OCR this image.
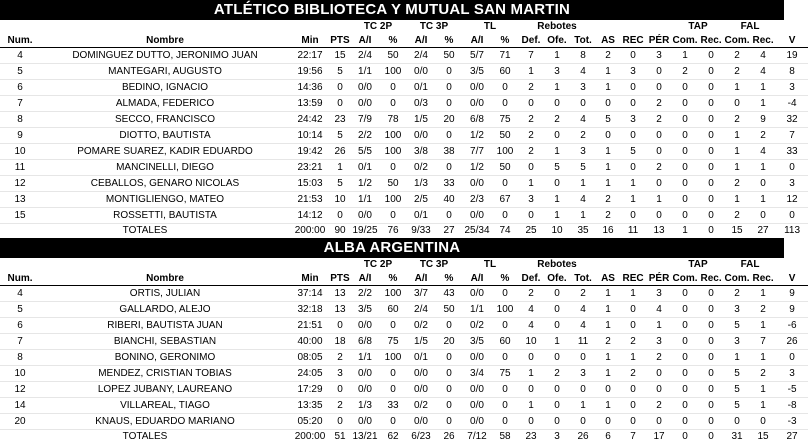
ATLÉTICO BIBLIOTECA Y MUTUAL SAN MARTIN
				TC 2P		TC 3P		TL		Rebotes						TAP		FAL		
Num.	Nombre	Min	PTS	A/I	%	A/I	%	A/I	%	Def.	Ofe.	Tot.	AS	REC	PÉR	Com.	Rec.	Com.	Rec.	V
4	DOMINGUEZ DUTTO, JERONIMO JUAN	22:17	15	2/4	50	2/4	50	5/7	71	7	1	8	2	0	3	1	0	2	4	19
5	MANTEGARI, AUGUSTO	19:56	5	1/1	100	0/0	0	3/5	60	1	3	4	1	3	0	2	0	2	4	8
6	BEDINO, IGNACIO	14:36	0	0/0	0	0/1	0	0/0	0	2	1	3	1	0	0	0	0	1	1	3
7	ALMADA, FEDERICO	13:59	0	0/0	0	0/3	0	0/0	0	0	0	0	0	0	2	0	0	0	1	-4
8	SECCO, FRANCISCO	24:42	23	7/9	78	1/5	20	6/8	75	2	2	4	5	3	2	0	0	2	9	32
9	DIOTTO, BAUTISTA	10:14	5	2/2	100	0/0	0	1/2	50	2	0	2	0	0	0	0	0	1	2	7
10	POMARE SUAREZ, KADIR EDUARDO	19:42	26	5/5	100	3/8	38	7/7	100	2	1	3	1	5	0	0	0	1	4	33
11	MANCINELLI, DIEGO	23:21	1	0/1	0	0/2	0	1/2	50	0	5	5	1	0	2	0	0	1	1	0
12	CEBALLOS, GENARO NICOLAS	15:03	5	1/2	50	1/3	33	0/0	0	1	0	1	1	1	0	0	0	2	0	3
13	MONTIGLIENGO, MATEO	21:53	10	1/1	100	2/5	40	2/3	67	3	1	4	2	1	1	0	0	1	1	12
15	ROSSETTI, BAUTISTA	14:12	0	0/0	0	0/1	0	0/0	0	0	1	1	2	0	0	0	0	2	0	0
TOTALES		200:00	90	19/25	76	9/33	27	25/34	74	25	10	35	16	11	13	1	0	15	27	113
ALBA ARGENTINA
				TC 2P		TC 3P		TL		Rebotes						TAP		FAL		
Num.	Nombre	Min	PTS	A/I	%	A/I	%	A/I	%	Def.	Ofe.	Tot.	AS	REC	PÉR	Com.	Rec.	Com.	Rec.	V
4	ORTIS, JULIAN	37:14	13	2/2	100	3/7	43	0/0	0	2	0	2	1	1	3	0	0	2	1	9
5	GALLARDO, ALEJO	32:18	13	3/5	60	2/4	50	1/1	100	4	0	4	1	0	4	0	0	3	2	9
6	RIBERI, BAUTISTA JUAN	21:51	0	0/0	0	0/2	0	0/2	0	4	0	4	1	0	1	0	0	5	1	-6
7	BIANCHI, SEBASTIAN	40:00	18	6/8	75	1/5	20	3/5	60	10	1	11	2	2	3	0	0	3	7	26
8	BONINO, GERONIMO	08:05	2	1/1	100	0/1	0	0/0	0	0	0	0	1	1	2	0	0	1	1	0
10	MENDEZ, CRISTIAN TOBIAS	24:05	3	0/0	0	0/0	0	3/4	75	1	2	3	1	2	0	0	0	5	2	3
12	LOPEZ JUBANY, LAUREANO	17:29	0	0/0	0	0/0	0	0/0	0	0	0	0	0	0	0	0	0	5	1	-5
14	VILLAREAL, TIAGO	13:35	2	1/3	33	0/2	0	0/0	0	1	0	1	1	0	2	0	0	5	1	-8
20	KNAUS, EDUARDO MARIANO	05:20	0	0/0	0	0/0	0	0/0	0	0	0	0	0	0	0	0	0	0	0	-3
TOTALES		200:00	51	13/21	62	6/23	26	7/12	58	23	3	26	6	7	17	0	0	31	15	27
